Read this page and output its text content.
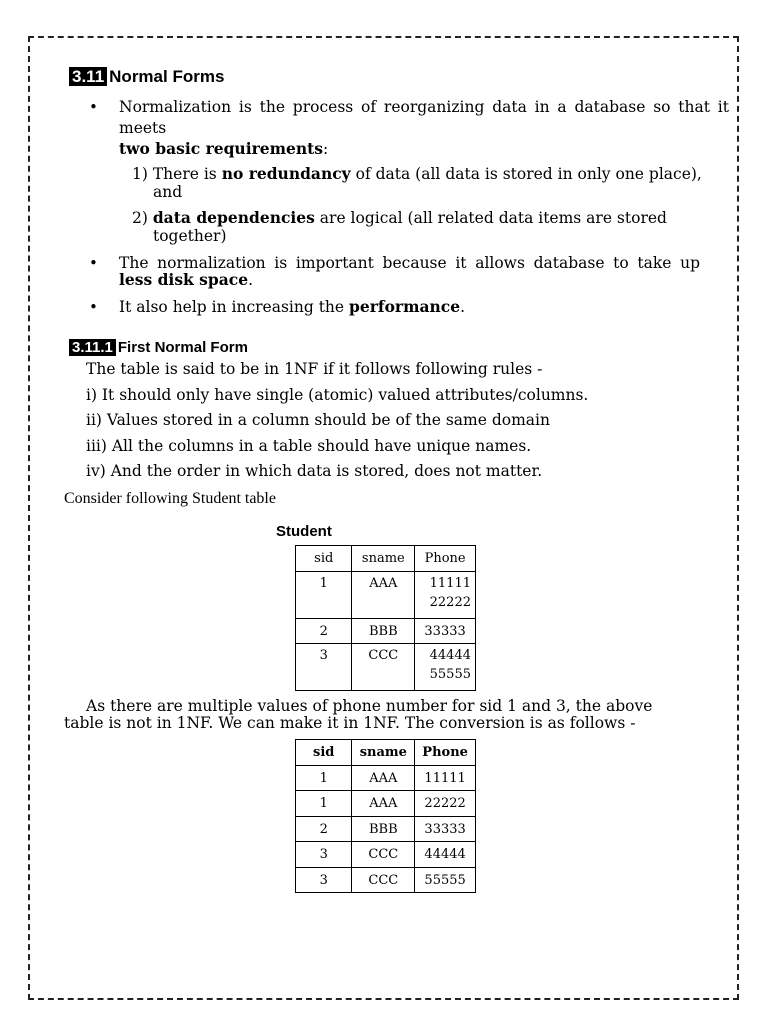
3.11 Normal Forms
• Normalization is the process of reorganizing data in a database so that it
meets
two basic requirements:
1) There is no redundancy of data (all data is stored in only one place),
and
2) data dependencies are logical (all related data items are stored
together)
• The normalization is important because it allows database to take up
less disk space.
• It also help in increasing the performance.
3.11.1 First Normal Form
The table is said to be in 1NF if it follows following rules -
i) It should only have single (atomic) valued attributes/columns.
ii) Values stored in a column should be of the same domain
iii) All the columns in a table should have unique names.
iv) And the order in which data is stored, does not matter.
Consider following Student table
Student
sid	sname	Phone
1	AAA	11111
22222

2	BBB	33333
3	CCC	44444
55555
As there are multiple values of phone number for sid 1 and 3, the above
table is not in 1NF. We can make it in 1NF. The conversion is as follows -
sid	sname	Phone
1	AAA	11111
1	AAA	22222
2	BBB	33333
3	CCC	44444
3	CCC	55555
